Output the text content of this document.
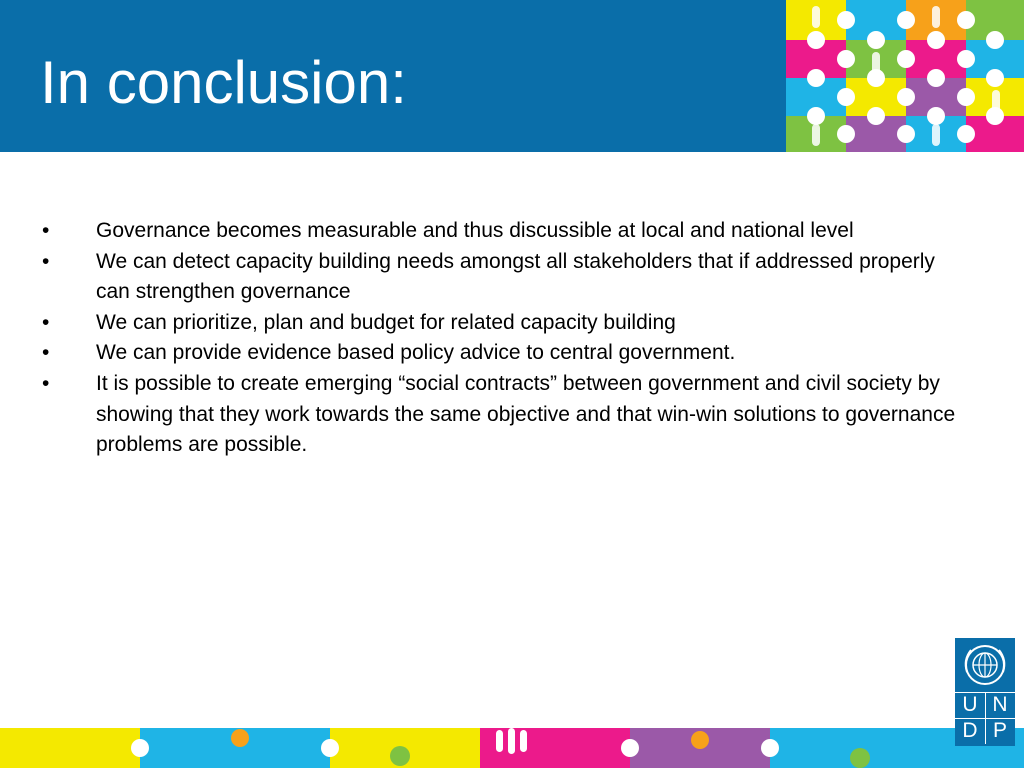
In conclusion:
•	Governance becomes measurable and thus discussible at local and national level
•	We can detect capacity building needs amongst all stakeholders that if addressed properly can strengthen governance
•	We can prioritize, plan and budget for related capacity building
•	We can provide evidence based policy advice to central government.
•	It is possible to create emerging “social contracts” between government and civil society by showing that they work towards the same objective and that win-win solutions to governance problems are possible.
U N
D P
